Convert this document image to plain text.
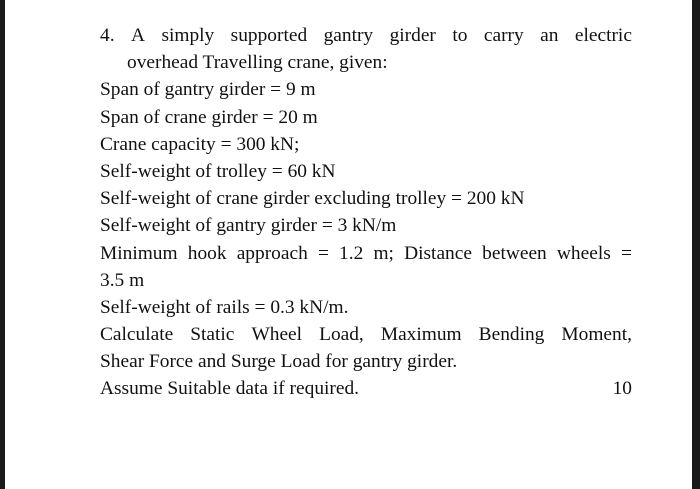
4. A simply supported gantry girder to carry an electric
overhead Travelling crane, given:
Span of gantry girder = 9 m
Span of crane girder = 20 m
Crane capacity = 300 kN;
Self-weight of trolley = 60 kN
Self-weight of crane girder excluding trolley = 200 kN
Self-weight of gantry girder = 3 kN/m
Minimum hook approach = 1.2 m; Distance between wheels =
3.5 m
Self-weight of rails = 0.3 kN/m.
Calculate Static Wheel Load, Maximum Bending Moment,
Shear Force and Surge Load for gantry girder.
Assume Suitable data if required.	10
